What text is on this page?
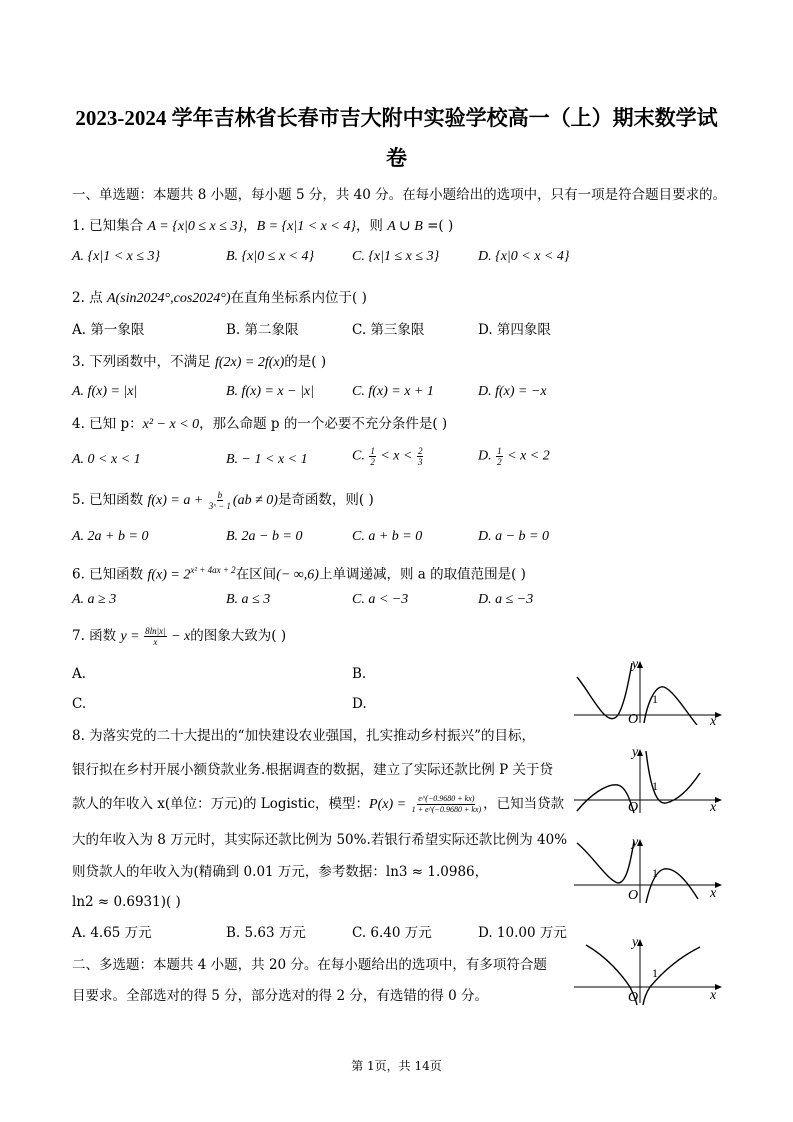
2023-2024 学年吉林省长春市吉大附中实验学校高一（上）期末数学试
卷
一、单选题：本题共 8 小题，每小题 5 分，共 40 分。在每小题给出的选项中，只有一项是符合题目要求的。
1. 已知集合 A = {x|0 ≤ x ≤ 3}，B = {x|1 < x < 4}，则 A ∪ B =( )
A. {x|1 < x ≤ 3}	B. {x|0 ≤ x < 4}	C. {x|1 ≤ x ≤ 3}	D. {x|0 < x < 4}
2. 点 A(sin2024°,cos2024°)在直角坐标系内位于( )
A. 第一象限	B. 第二象限	C. 第三象限	D. 第四象限
3. 下列函数中，不满足 f(2x) = 2f(x)的是( )
A. f(x) = |x|	B. f(x) = x − |x|	C. f(x) = x + 1	D. f(x) = −x
4. 已知 p：x² − x < 0，那么命题 p 的一个必要不充分条件是( )
A. 0 < x < 1	B. − 1 < x < 1	C. $\frac{1}{2} < x < \frac{2}{3}$	D. $\frac{1}{2} < x < 2$
5. 已知函数 $f(x) = a + \frac{b}{\text{3ˣ − 1}} (ab \ne 0)$是奇函数，则( )
A. 2a + b = 0	B. 2a − b = 0	C. a + b = 0	D. a − b = 0
6. 已知函数 $f(x) = 2^{x^2 + 4ax + 2}$在区间(− ∞,6)上单调递减，则 a 的取值范围是( )
A. a ≥ 3	B. a ≤ 3	C. a < −3	D. a ≤ −3
7. 函数 $y = \frac{8\ln|x|}{x} - x$的图象大致为( )
A.	B.
C.	D.
8. 为落实党的二十大提出的“加快建设农业强国，扎实推动乡村振兴”的目标，
银行拟在乡村开展小额贷款业务.根据调查的数据，建立了实际还款比例 P 关于贷
款人的年收入 x(单位：万元)的 Logistic，模型：$P(x) = \frac{e\^{}(-0.9680 + kx)}{1 + e\^{}(-0.9680 + kx)}$ ，已知当贷款
大的年收入为 8 万元时，其实际还款比例为 50%.若银行希望实际还款比例为 40%
则贷款人的年收入为(精确到 0.01 万元，参考数据：ln3 ≈ 1.0986，
ln2 ≈ 0.6931)( )
A. 4.65 万元	B. 5.63 万元	C. 6.40 万元	D. 10.00 万元
二、多选题：本题共 4 小题，共 20 分。在每小题给出的选项中，有多项符合题
目要求。全部选对的得 5 分，部分选对的得 2 分，有选错的得 0 分。
y
x
O
1
y
x
O
1
y
x
O
1
y
x
O
1
第 1页，共 14页
